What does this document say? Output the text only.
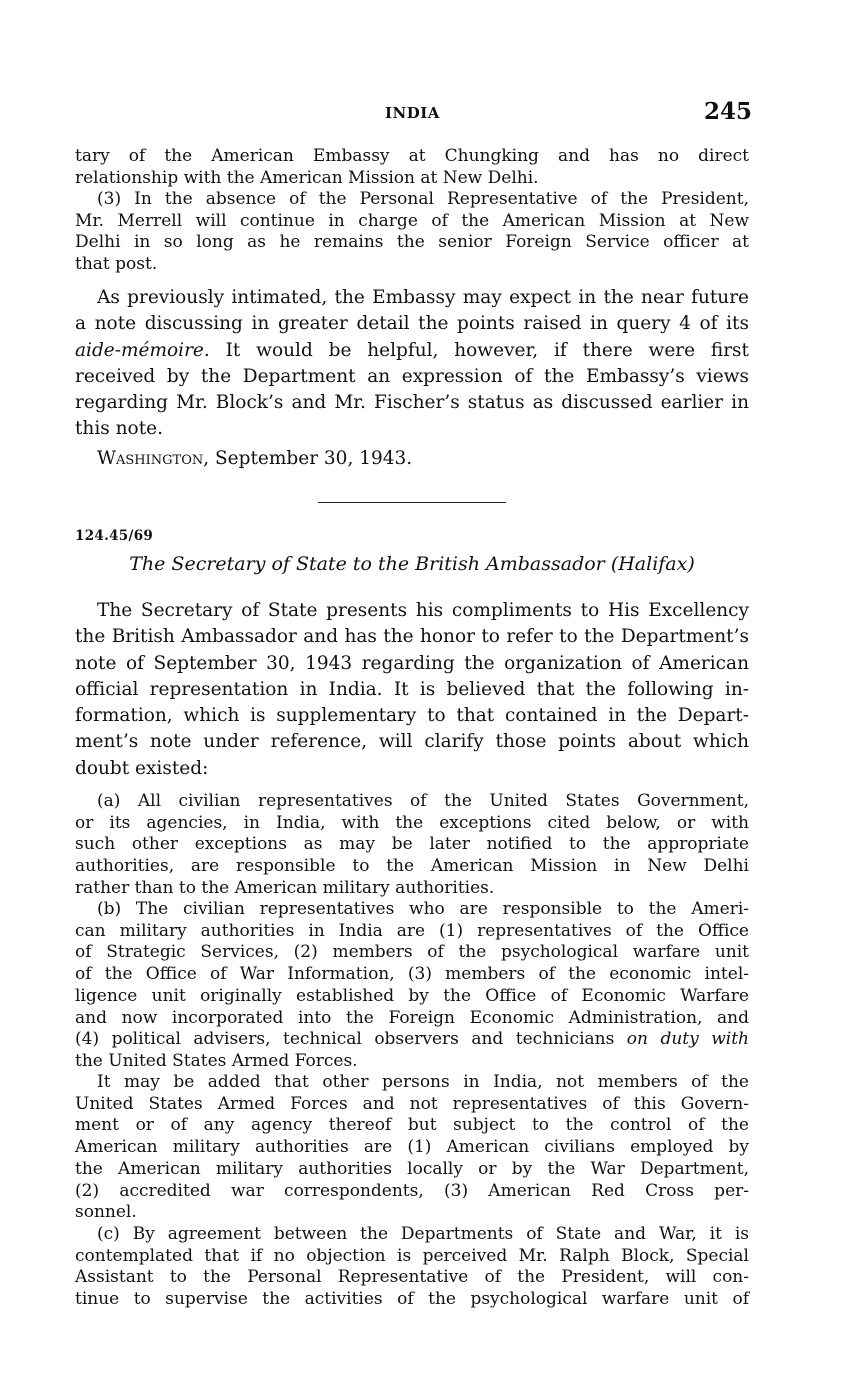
INDIA	245
tary of the American Embassy at Chungking and has no direct
relationship with the American Mission at New Delhi.
(3) In the absence of the Personal Representative of the President,
Mr. Merrell will continue in charge of the American Mission at New
Delhi in so long as he remains the senior Foreign Service officer at
that post.
As previously intimated, the Embassy may expect in the near future
a note discussing in greater detail the points raised in query 4 of its
aide-mémoire. It would be helpful, however, if there were first
received by the Department an expression of the Embassy’s views
regarding Mr. Block’s and Mr. Fischer’s status as discussed earlier in
this note.
Washington, September 30, 1943.
124.45/69
The Secretary of State to the British Ambassador (Halifax)
The Secretary of State presents his compliments to His Excellency
the British Ambassador and has the honor to refer to the Department’s
note of September 30, 1943 regarding the organization of American
official representation in India. It is believed that the following in-
formation, which is supplementary to that contained in the Depart-
ment’s note under reference, will clarify those points about which
doubt existed:
(a) All civilian representatives of the United States Government,
or its agencies, in India, with the exceptions cited below, or with
such other exceptions as may be later notified to the appropriate
authorities, are responsible to the American Mission in New Delhi
rather than to the American military authorities.
(b) The civilian representatives who are responsible to the Ameri-
can military authorities in India are (1) representatives of the Office
of Strategic Services, (2) members of the psychological warfare unit
of the Office of War Information, (3) members of the economic intel-
ligence unit originally established by the Office of Economic Warfare
and now incorporated into the Foreign Economic Administration, and
(4) political advisers, technical observers and technicians on duty with
the United States Armed Forces.
It may be added that other persons in India, not members of the
United States Armed Forces and not representatives of this Govern-
ment or of any agency thereof but subject to the control of the
American military authorities are (1) American civilians employed by
the American military authorities locally or by the War Department,
(2) accredited war correspondents, (3) American Red Cross per-
sonnel.
(c) By agreement between the Departments of State and War, it is
contemplated that if no objection is perceived Mr. Ralph Block, Special
Assistant to the Personal Representative of the President, will con-
tinue to supervise the activities of the psychological warfare unit of
